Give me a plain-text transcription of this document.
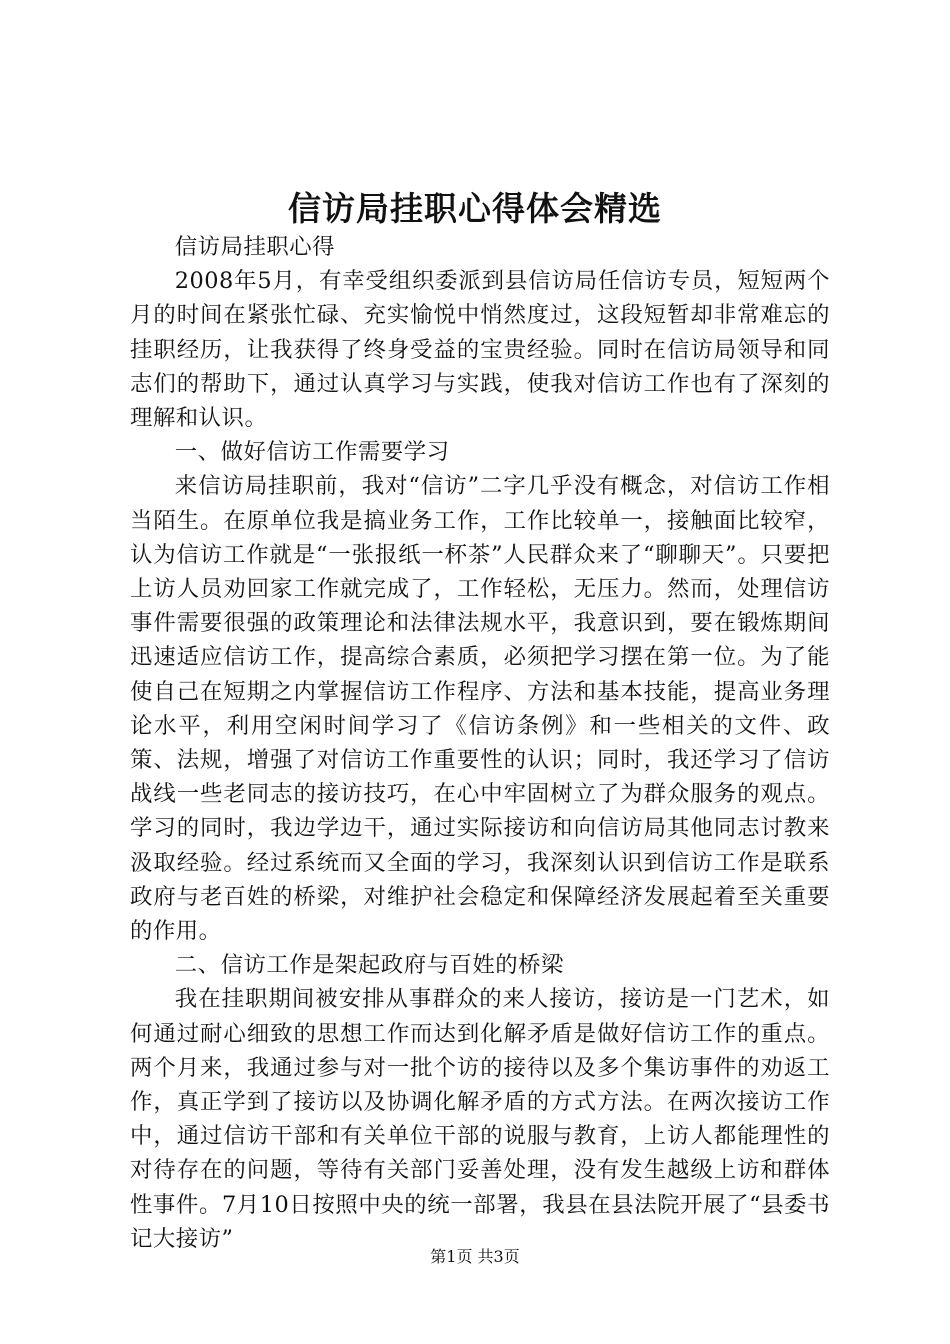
信访局挂职心得体会精选

信访局挂职心得

2008年5月，有幸受组织委派到县信访局任信访专员，短短两个月的时间在紧张忙碌、充实愉悦中悄然度过，这段短暂却非常难忘的挂职经历，让我获得了终身受益的宝贵经验。同时在信访局领导和同志们的帮助下，通过认真学习与实践，使我对信访工作也有了深刻的理解和认识。

一、做好信访工作需要学习

来信访局挂职前，我对“信访”二字几乎没有概念，对信访工作相当陌生。在原单位我是搞业务工作，工作比较单一，接触面比较窄，认为信访工作就是“一张报纸一杯茶”人民群众来了“聊聊天”。只要把上访人员劝回家工作就完成了，工作轻松，无压力。然而，处理信访事件需要很强的政策理论和法律法规水平，我意识到，要在锻炼期间迅速适应信访工作，提高综合素质，必须把学习摆在第一位。为了能使自己在短期之内掌握信访工作程序、方法和基本技能，提高业务理论水平，利用空闲时间学习了《信访条例》和一些相关的文件、政策、法规，增强了对信访工作重要性的认识；同时，我还学习了信访战线一些老同志的接访技巧，在心中牢固树立了为群众服务的观点。学习的同时，我边学边干，通过实际接访和向信访局其他同志讨教来汲取经验。经过系统而又全面的学习，我深刻认识到信访工作是联系政府与老百姓的桥梁，对维护社会稳定和保障经济发展起着至关重要的作用。

二、信访工作是架起政府与百姓的桥梁

我在挂职期间被安排从事群众的来人接访，接访是一门艺术，如何通过耐心细致的思想工作而达到化解矛盾是做好信访工作的重点。两个月来，我通过参与对一批个访的接待以及多个集访事件的劝返工作，真正学到了接访以及协调化解矛盾的方式方法。在两次接访工作中，通过信访干部和有关单位干部的说服与教育，上访人都能理性的对待存在的问题，等待有关部门妥善处理，没有发生越级上访和群体性事件。7月10日按照中央的统一部署，我县在县法院开展了“县委书记大接访”

第1页 共3页
